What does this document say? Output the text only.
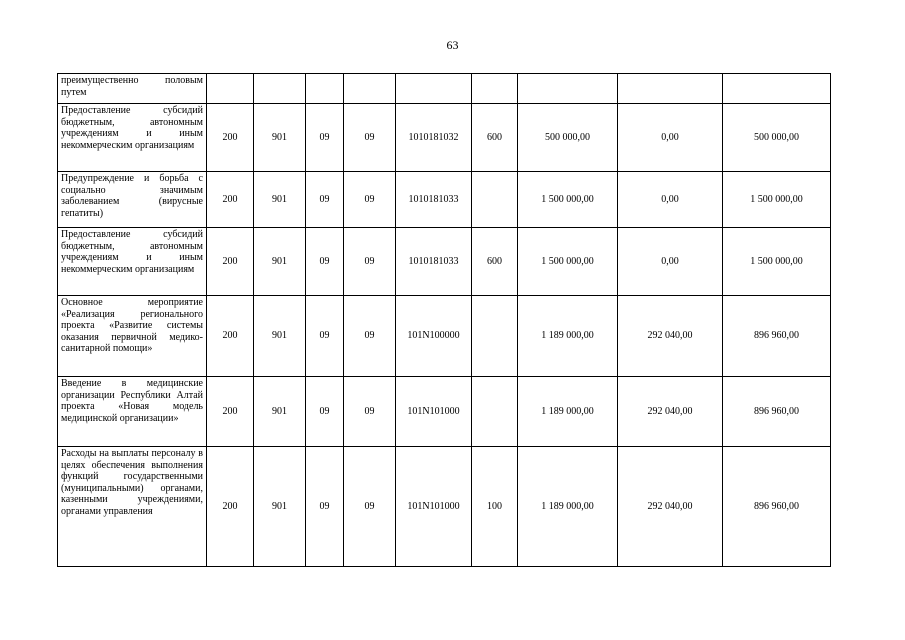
63
преимущественно половым путем									
Предоставление субсидий бюджетным, автономным учреждениям и иным некоммерческим организациям	200	901	09	09	1010181032	600	500 000,00	0,00	500 000,00
Предупреждение и борьба с социально значимым заболеванием (вирусные гепатиты)	200	901	09	09	1010181033		1 500 000,00	0,00	1 500 000,00
Предоставление субсидий бюджетным, автономным учреждениям и иным некоммерческим организациям	200	901	09	09	1010181033	600	1 500 000,00	0,00	1 500 000,00
Основное мероприятие «Реализация регионального проекта «Развитие системы оказания первичной медико-санитарной помощи»	200	901	09	09	101N100000		1 189 000,00	292 040,00	896 960,00
Введение в медицинские организации Республики Алтай проекта «Новая модель медицинской организации»	200	901	09	09	101N101000		1 189 000,00	292 040,00	896 960,00
Расходы на выплаты персоналу в целях обеспечения выполнения функций государственными (муниципальными) органами, казенными учреждениями, органами управления	200	901	09	09	101N101000	100	1 189 000,00	292 040,00	896 960,00
